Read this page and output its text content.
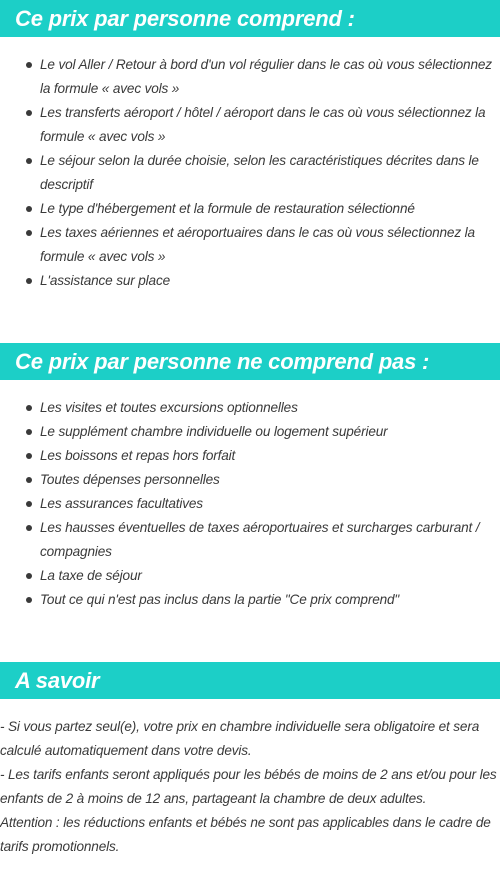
Ce prix par personne comprend :
Le vol Aller / Retour à bord d'un vol régulier dans le cas où vous sélectionnez la formule « avec vols »
Les transferts aéroport / hôtel / aéroport dans le cas où vous sélectionnez la formule « avec vols »
Le séjour selon la durée choisie, selon les caractéristiques décrites dans le descriptif
Le type d'hébergement et la formule de restauration sélectionné
Les taxes aériennes et aéroportuaires dans le cas où vous sélectionnez la formule « avec vols »
L'assistance sur place
Ce prix par personne ne comprend pas :
Les visites et toutes excursions optionnelles
Le supplément chambre individuelle ou logement supérieur
Les boissons et repas hors forfait
Toutes dépenses personnelles
Les assurances facultatives
Les hausses éventuelles de taxes aéroportuaires et surcharges carburant / compagnies
La taxe de séjour
Tout ce qui n'est pas inclus dans la partie "Ce prix comprend"
A savoir
- Si vous partez seul(e), votre prix en chambre individuelle sera obligatoire et sera calculé automatiquement dans votre devis.
- Les tarifs enfants seront appliqués pour les bébés de moins de 2 ans et/ou pour les enfants de 2 à moins de 12 ans, partageant la chambre de deux adultes.
Attention : les réductions enfants et bébés ne sont pas applicables dans le cadre de tarifs promotionnels.
